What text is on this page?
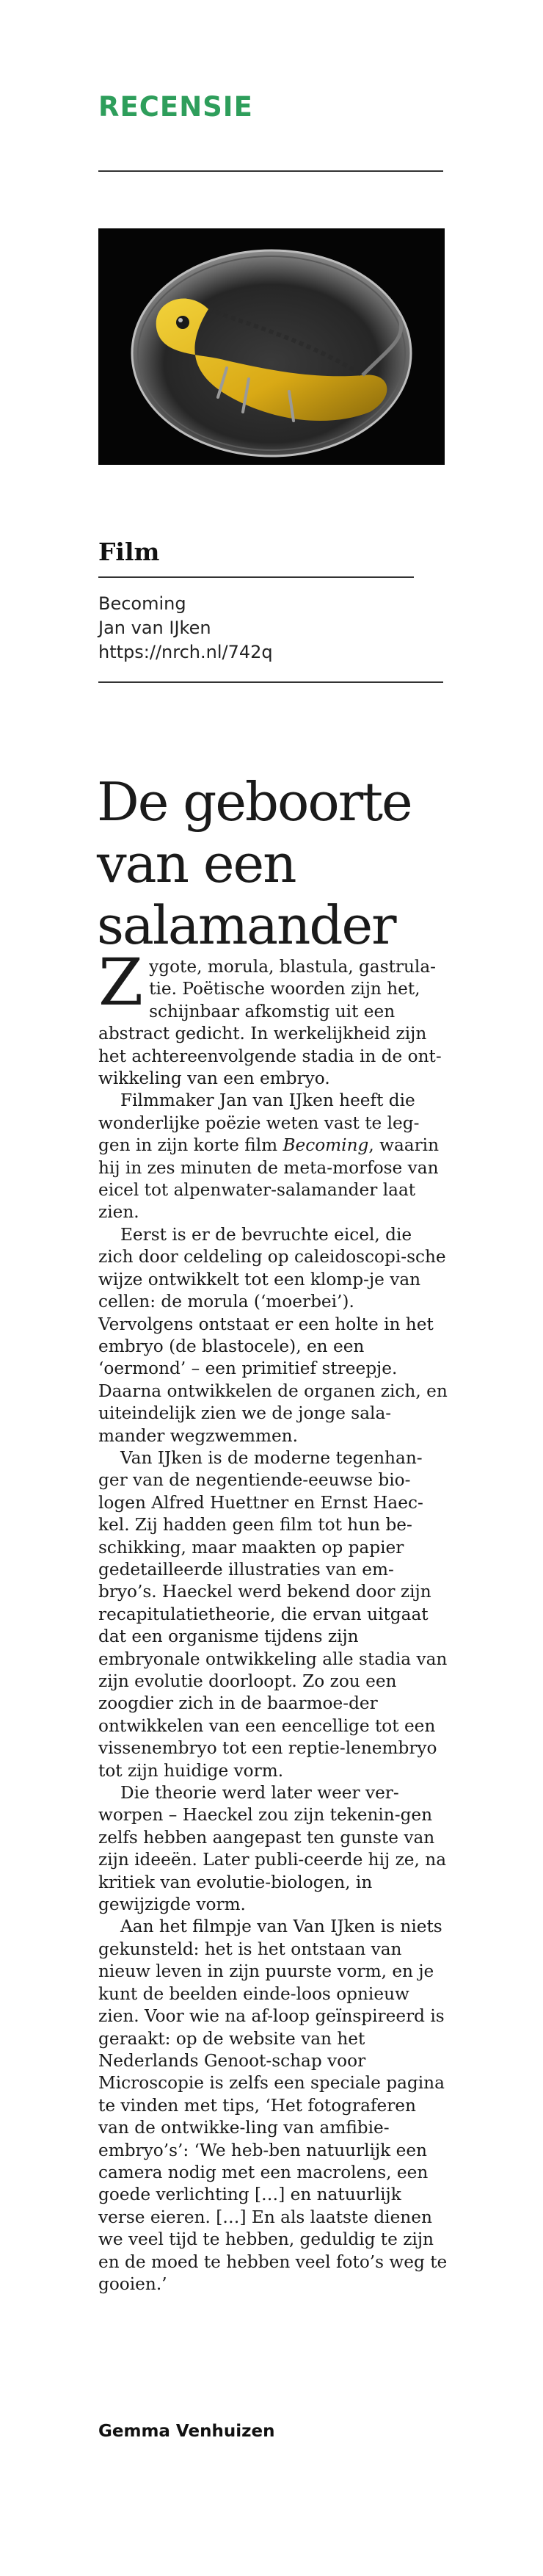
RECENSIE
Film
Becoming
Jan van IJken
https://nrch.nl/742q
De geboorte van een salamander

Zygote, morula, blastula, gastrula-tie. Poëtische woorden zijn het, schijnbaar afkomstig uit een abstract gedicht. In werkelijkheid zijn het achtereenvolgende stadia in de ont-wikkeling van een embryo.

Filmmaker Jan van IJken heeft die wonderlijke poëzie weten vast te leg-gen in zijn korte film Becoming, waarin hij in zes minuten de meta-morfose van eicel tot alpenwater-salamander laat zien.

Eerst is er de bevruchte eicel, die zich door celdeling op caleidoscopi-sche wijze ontwikkelt tot een klomp-je van cellen: de morula (‘moerbei’). Vervolgens ontstaat er een holte in het embryo (de blastocele), en een ‘oermond’ – een primitief streepje. Daarna ontwikkelen de organen zich, en uiteindelijk zien we de jonge sala-mander wegzwemmen.

Van IJken is de moderne tegenhan-ger van de negentiende-eeuwse bio-logen Alfred Huettner en Ernst Haec-kel. Zij hadden geen film tot hun be-schikking, maar maakten op papier gedetailleerde illustraties van em-bryo’s. Haeckel werd bekend door zijn recapitulatietheorie, die ervan uitgaat dat een organisme tijdens zijn embryonale ontwikkeling alle stadia van zijn evolutie doorloopt. Zo zou een zoogdier zich in de baarmoe-der ontwikkelen van een eencellige tot een vissenembryo tot een reptie-lenembryo tot zijn huidige vorm.

Die theorie werd later weer ver-worpen – Haeckel zou zijn tekenin-gen zelfs hebben aangepast ten gunste van zijn ideeën. Later publi-ceerde hij ze, na kritiek van evolutie-biologen, in gewijzigde vorm.

Aan het filmpje van Van IJken is niets gekunsteld: het is het ontstaan van nieuw leven in zijn puurste vorm, en je kunt de beelden einde-loos opnieuw zien. Voor wie na af-loop geïnspireerd is geraakt: op de website van het Nederlands Genoot-schap voor Microscopie is zelfs een speciale pagina te vinden met tips, ‘Het fotograferen van de ontwikke-ling van amfibie-embryo’s’: ‘We heb-ben natuurlijk een camera nodig met een macrolens, een goede verlichting […] en natuurlijk verse eieren. […] En als laatste dienen we veel tijd te hebben, geduldig te zijn en de moed te hebben veel foto’s weg te gooien.’

Gemma Venhuizen
